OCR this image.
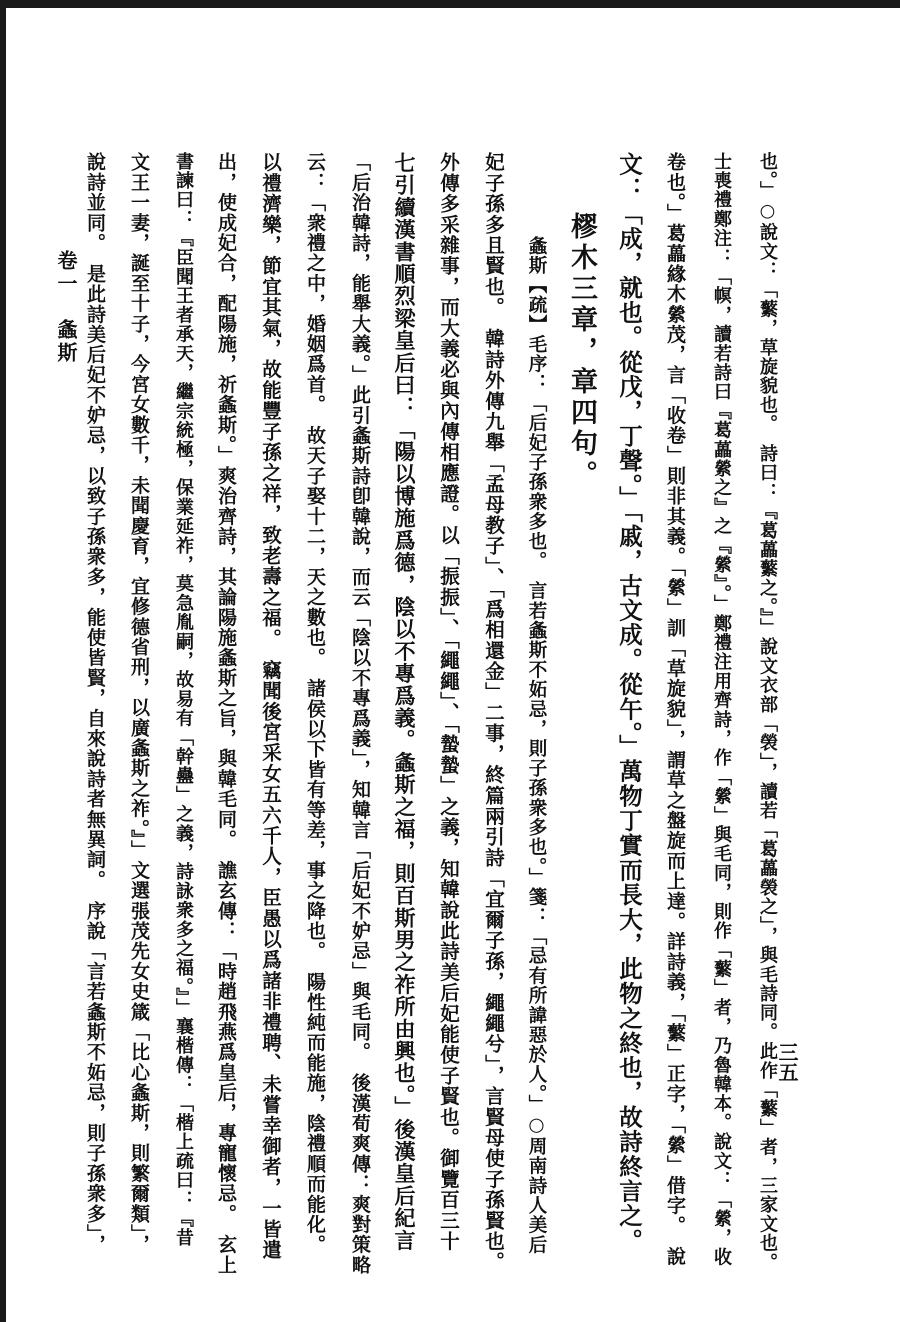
也。」○說文：「蘩，草旋貌也。　詩曰：『葛藟蘩之。』」說文衣部「褮」，讀若「葛藟褮之」，與毛詩同。此作「蘩」者，三家文也。
士喪禮鄭注：「幎，讀若詩曰『葛藟縈之』之『縈』。」鄭禮注用齊詩，作「縈」與毛同，則作「蘩」者，乃魯韓本。說文：「縈，收
卷也。」葛藟緣木縈茂，言「收卷」則非其義。「縈」訓「草旋貌」，謂草之盤旋而上達。詳詩義，「蘩」正字，「縈」借字。　說
文：「成，就也。從戊，丁聲。」「戚，古文成。從午。」萬物丁實而長大，此物之終也，故詩終言之。
樛木三章，章四句。
螽斯【疏】毛序：「后妃子孫衆多也。　言若螽斯不妬忌，則子孫衆多也。」箋：「忌有所諱惡於人。」○周南詩人美后
妃子孫多且賢也。　韓詩外傳九舉「孟母教子」、「爲相還金」二事，終篇兩引詩「宜爾子孫，繩繩兮」，言賢母使子孫賢也。
外傳多采雜事，而大義必與內傳相應證。以「振振」、「繩繩」、「蟄蟄」之義，知韓說此詩美后妃能使子賢也。御覽百三十
七引續漢書順烈梁皇后曰：「陽以博施爲德，陰以不專爲義。螽斯之福，則百斯男之祚所由興也。」後漢皇后紀言
「后治韓詩，能舉大義。」此引螽斯詩卽韓說，而云「陰以不專爲義」，知韓言「后妃不妒忌」與毛同。　後漢荀爽傳：爽對策略
云：「衆禮之中，婚姻爲首。　故天子娶十二，天之數也。　諸侯以下皆有等差，事之降也。　陽性純而能施，陰禮順而能化。
以禮濟樂，節宜其氣，故能豐子孫之祥，致老壽之福。　竊聞後宮采女五六千人，臣愚以爲諸非禮聘、未嘗幸御者，一皆遣
出，使成妃合，配陽施，祈螽斯。」爽治齊詩，其論陽施螽斯之旨，與韓毛同。　譙玄傳：「時趙飛燕爲皇后，專寵懷忌。　玄上
書諫曰：『臣聞王者承天，繼宗統極，保業延祚，莫急胤嗣，故易有「幹蠱」之義，詩詠衆多之福。』」襄楷傳：「楷上疏曰：『昔
文王一妻，誕至十子，今宮女數千，未聞慶育，宜修德省刑，以廣螽斯之祚。』」文選張茂先女史箴「比心螽斯，則繁爾類」，
說詩並同。　是此詩美后妃不妒忌，以致子孫衆多，能使皆賢，自來說詩者無異詞。　序說「言若螽斯不妬忌，則子孫衆多」，
卷一　螽斯
三五
